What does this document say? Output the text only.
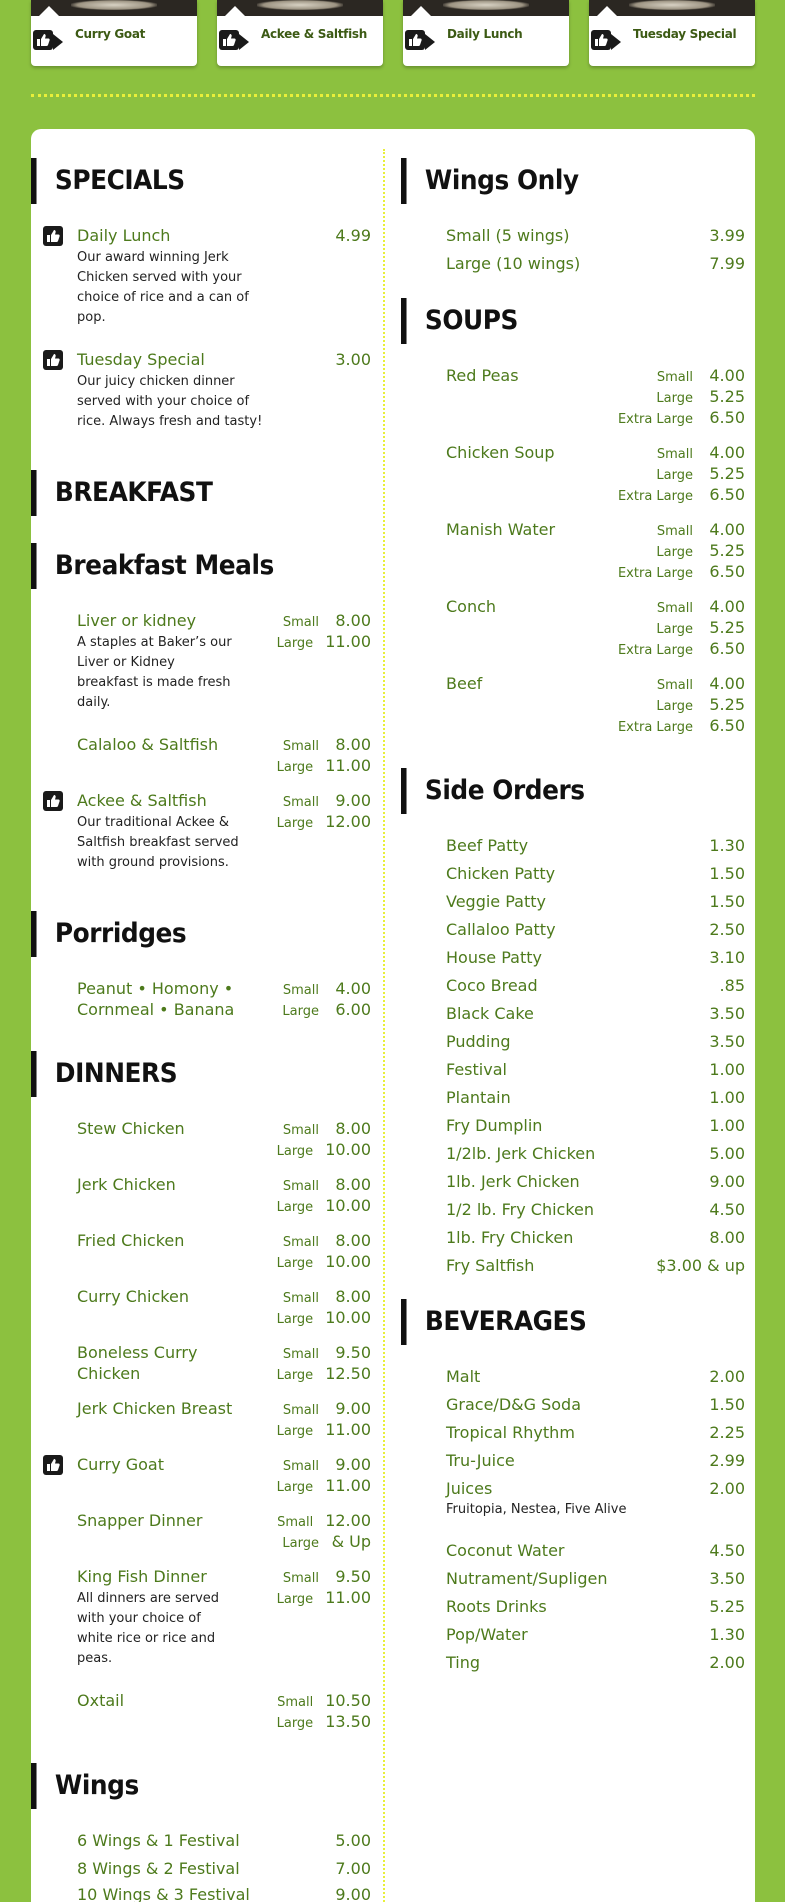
Curry Goat	Ackee & Saltfish	Daily Lunch	Tuesday Special
SPECIALS
Daily Lunch	4.99
Our award winning Jerk Chicken served with your choice of rice and a can of pop.
Tuesday Special	3.00
Our juicy chicken dinner served with your choice of rice. Always fresh and tasty!
BREAKFAST
Breakfast Meals
Liver or kidney
A staples at Baker’s our Liver or Kidney breakfast is made fresh daily.
Small 8.00
Large 11.00
Calaloo & Saltfish	Small 8.00
Large 11.00
Ackee & Saltfish
Our traditional Ackee & Saltfish breakfast served with ground provisions.
Small 9.00
Large 12.00
Porridges
Peanut • Homony • Cornmeal • Banana
Small 4.00
Large 6.00
DINNERS
Stew Chicken	Small 8.00
Large 10.00
Jerk Chicken	Small 8.00
Large 10.00
Fried Chicken	Small 8.00
Large 10.00
Curry Chicken	Small 8.00
Large 10.00
Boneless Curry Chicken
Small 9.50
Large 12.50
Jerk Chicken Breast	Small 9.00
Large 11.00
Curry Goat	Small 9.00
Large 11.00
Snapper Dinner	Small 12.00
Large & Up
King Fish Dinner
All dinners are served with your choice of white rice or rice and peas.
Small 9.50
Large 11.00
Oxtail	Small 10.50
Large 13.50
Wings
6 Wings & 1 Festival	5.00
8 Wings & 2 Festival	7.00
10 Wings & 3 Festival	9.00
Wings Only
Small (5 wings)	3.99
Large (10 wings)	7.99
SOUPS
Red Peas	Small 4.00
Large 5.25
Extra Large 6.50
Chicken Soup	Small 4.00
Large 5.25
Extra Large 6.50
Manish Water	Small 4.00
Large 5.25
Extra Large 6.50
Conch	Small 4.00
Large 5.25
Extra Large 6.50
Beef	Small 4.00
Large 5.25
Extra Large 6.50
Side Orders
Beef Patty	1.30
Chicken Patty	1.50
Veggie Patty	1.50
Callaloo Patty	2.50
House Patty	3.10
Coco Bread	.85
Black Cake	3.50
Pudding	3.50
Festival	1.00
Plantain	1.00
Fry Dumplin	1.00
1/2lb. Jerk Chicken	5.00
1lb. Jerk Chicken	9.00
1/2 lb. Fry Chicken	4.50
1lb. Fry Chicken	8.00
Fry Saltfish	$3.00 & up
BEVERAGES
Malt	2.00
Grace/D&G Soda	1.50
Tropical Rhythm	2.25
Tru-Juice	2.99
Juices	2.00
Fruitopia, Nestea, Five Alive
Coconut Water	4.50
Nutrament/Supligen	3.50
Roots Drinks	5.25
Pop/Water	1.30
Ting	2.00
